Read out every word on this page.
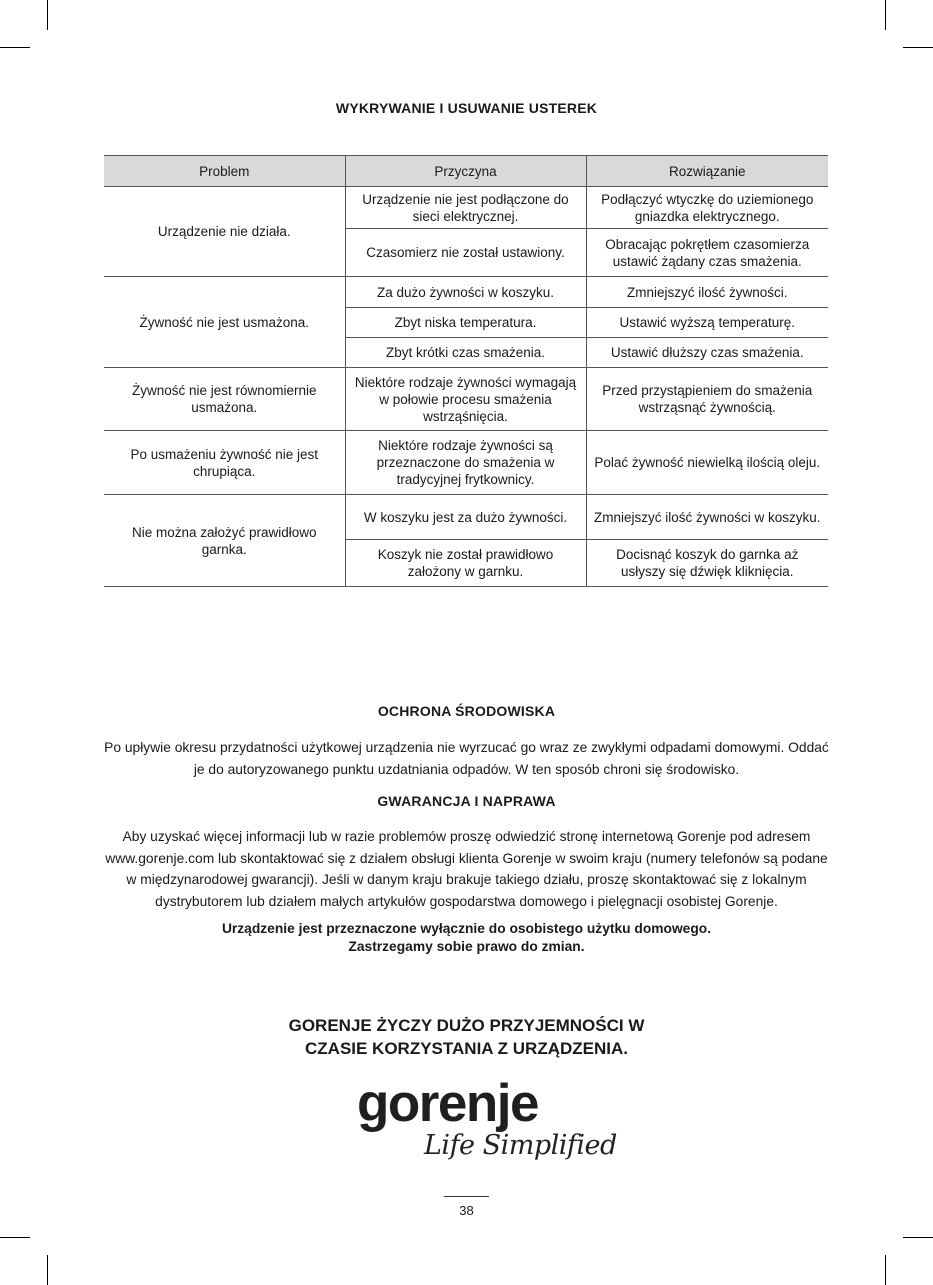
WYKRYWANIE I USUWANIE USTEREK
Problem	Przyczyna	Rozwiązanie
Urządzenie nie działa.	Urządzenie nie jest podłączone do sieci elektrycznej.	Podłączyć wtyczkę do uziemionego gniazdka elektrycznego.
	Czasomierz nie został ustawiony.	Obracając pokrętłem czasomierza ustawić żądany czas smażenia.
Żywność nie jest usmażona.	Za dużo żywności w koszyku.	Zmniejszyć ilość żywności.
	Zbyt niska temperatura.	Ustawić wyższą temperaturę.
	Zbyt krótki czas smażenia.	Ustawić dłuższy czas smażenia.
Żywność nie jest równomiernie usmażona.	Niektóre rodzaje żywności wymagają w połowie procesu smażenia wstrząśnięcia.	Przed przystąpieniem do smażenia wstrząsnąć żywnością.
Po usmażeniu żywność nie jest chrupiąca.	Niektóre rodzaje żywności są przeznaczone do smażenia w tradycyjnej frytkownicy.	Polać żywność niewielką ilością oleju.
Nie można założyć prawidłowo garnka.	W koszyku jest za dużo żywności.	Zmniejszyć ilość żywności w koszyku.
	Koszyk nie został prawidłowo założony w garnku.	Docisnąć koszyk do garnka aż usłyszy się dźwięk kliknięcia.
OCHRONA ŚRODOWISKA
Po upływie okresu przydatności użytkowej urządzenia nie wyrzucać go wraz ze zwykłymi odpadami domowymi. Oddać je do autoryzowanego punktu uzdatniania odpadów. W ten sposób chroni się środowisko.
GWARANCJA I NAPRAWA
Aby uzyskać więcej informacji lub w razie problemów proszę odwiedzić stronę internetową Gorenje pod adresem www.gorenje.com lub skontaktować się z działem obsługi klienta Gorenje w swoim kraju (numery telefonów są podane w międzynarodowej gwarancji). Jeśli w danym kraju brakuje takiego działu, proszę skontaktować się z lokalnym dystrybutorem lub działem małych artykułów gospodarstwa domowego i pielęgnacji osobistej Gorenje.
Urządzenie jest przeznaczone wyłącznie do osobistego użytku domowego.
Zastrzegamy sobie prawo do zmian.
GORENJE ŻYCZY DUŻO PRZYJEMNOŚCI W
CZASIE KORZYSTANIA Z URZĄDZENIA.
gorenje
Life Simplified
38
